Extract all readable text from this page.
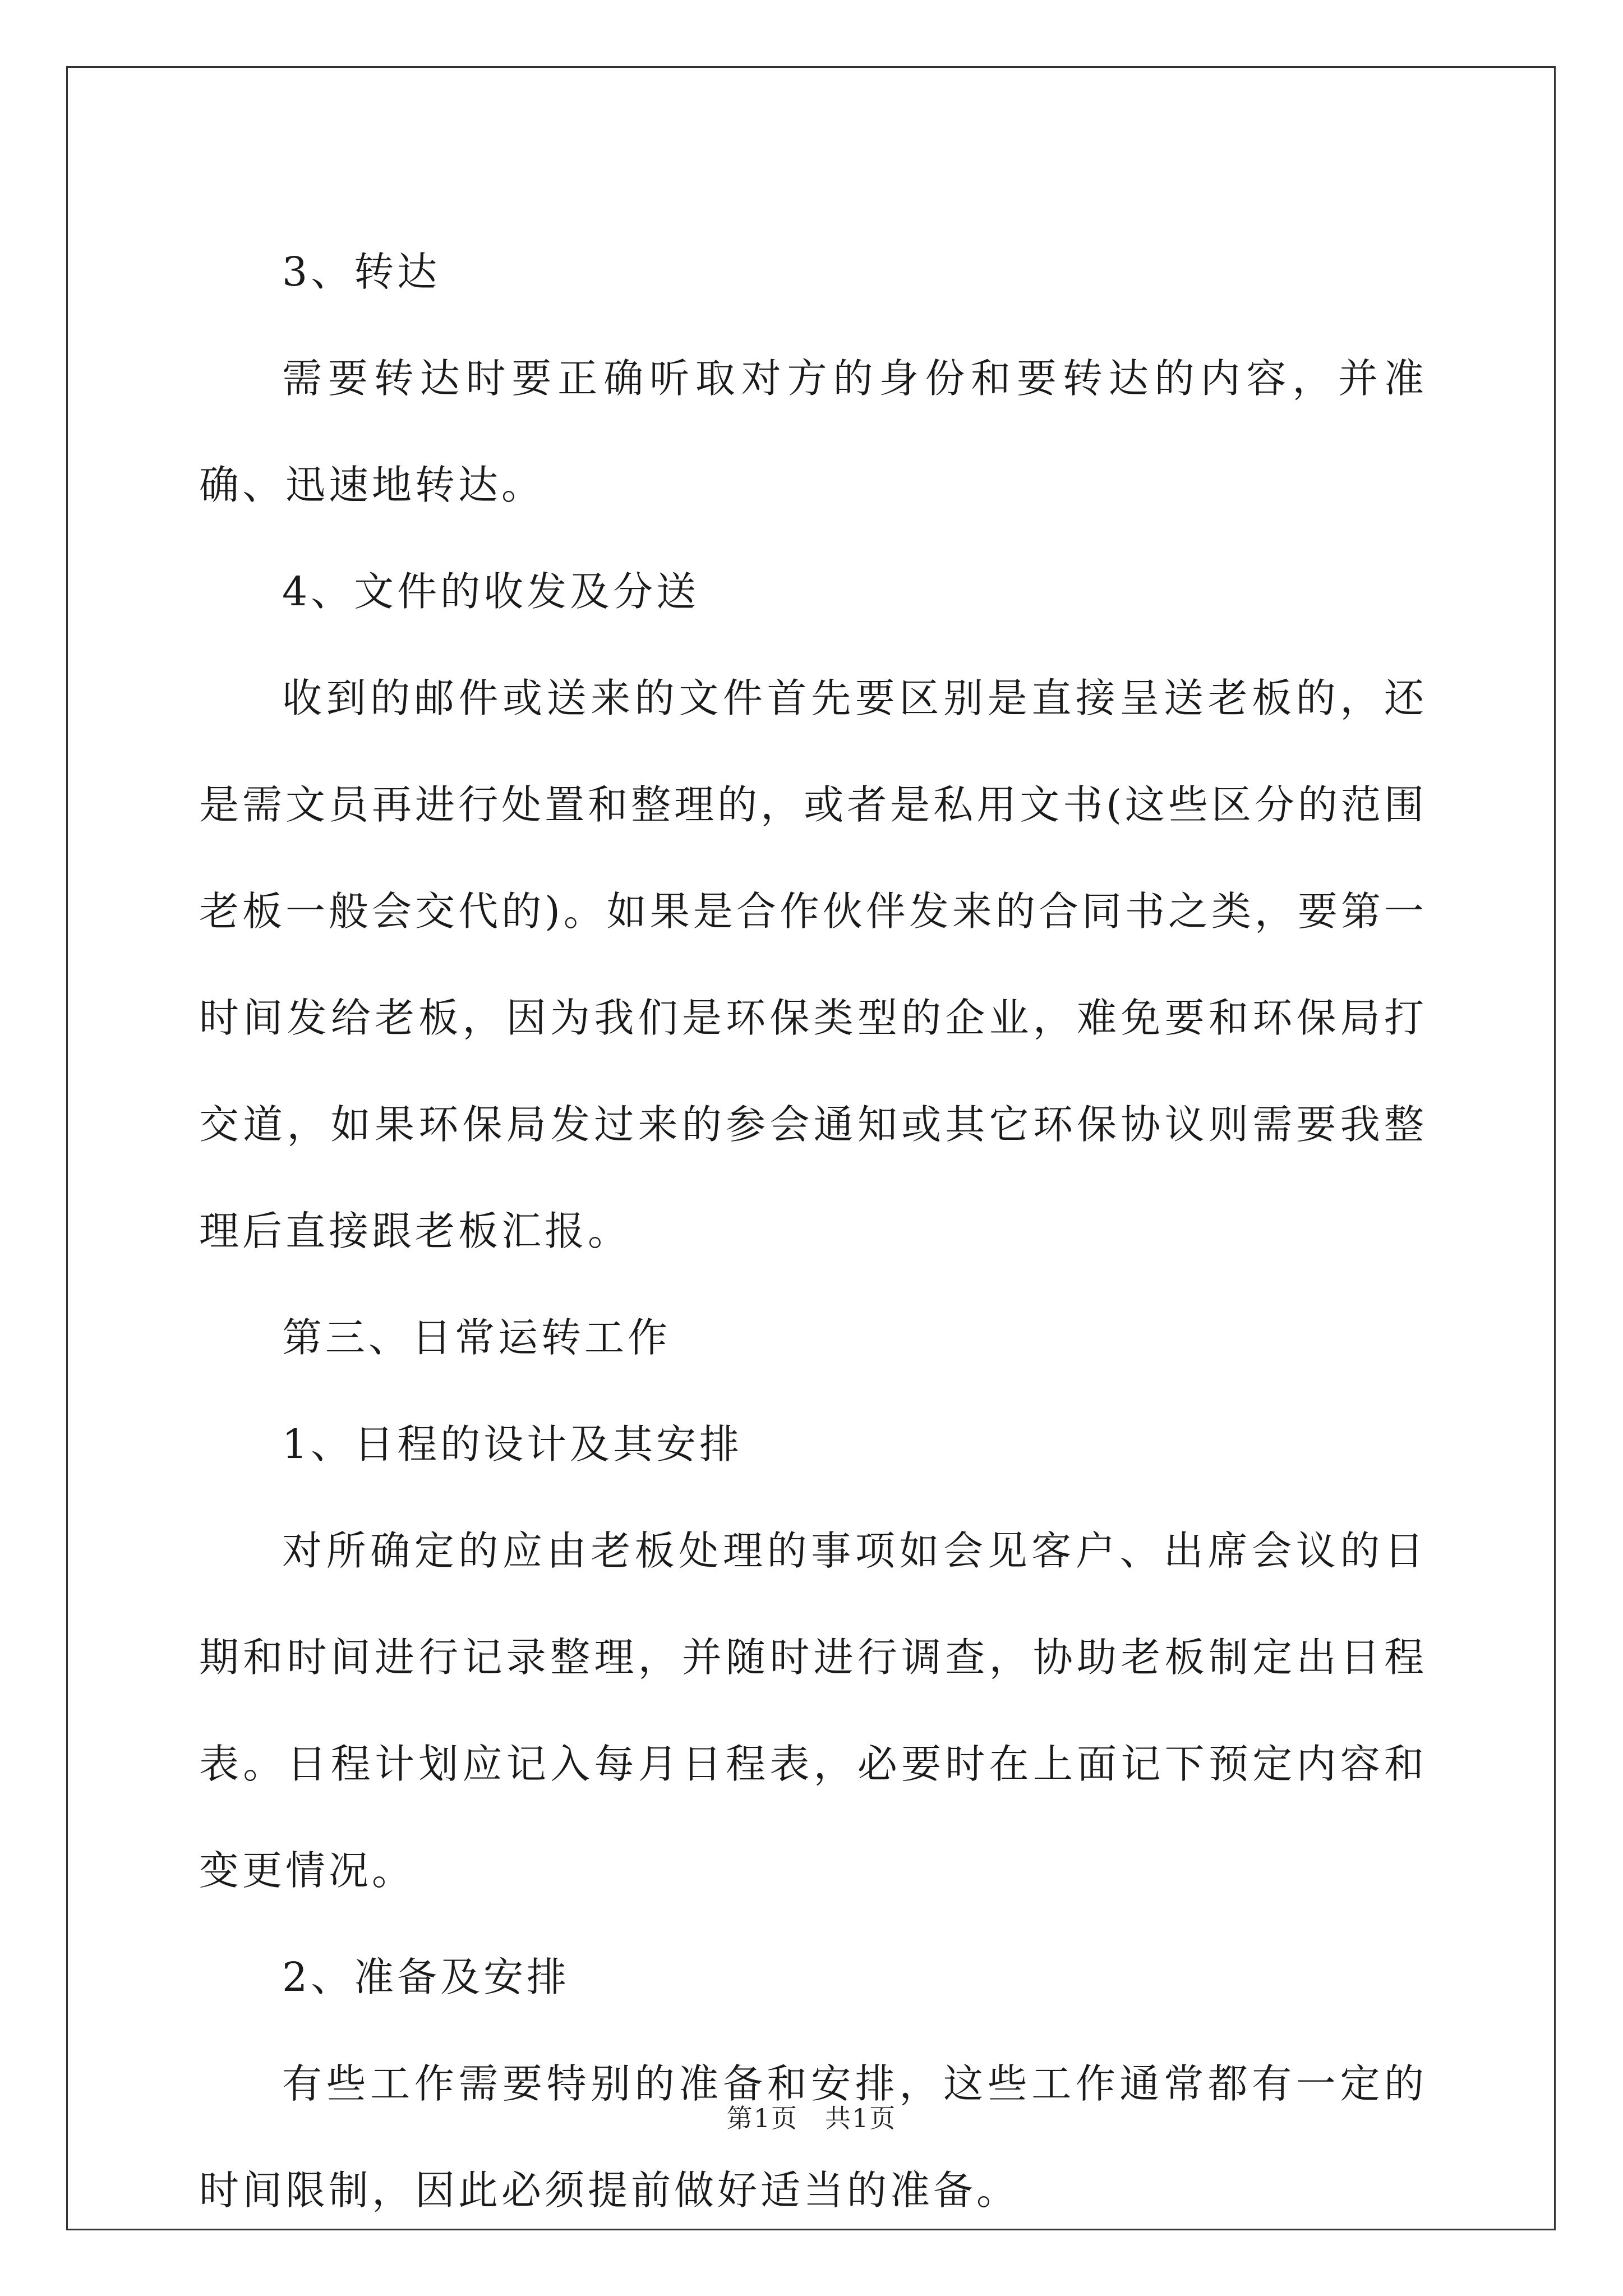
3、转达

需要转达时要正确听取对方的身份和要转达的内容，并准确、迅速地转达。

4、文件的收发及分送

收到的邮件或送来的文件首先要区别是直接呈送老板的，还是需文员再进行处置和整理的，或者是私用文书(这些区分的范围老板一般会交代的)。如果是合作伙伴发来的合同书之类，要第一时间发给老板，因为我们是环保类型的企业，难免要和环保局打交道，如果环保局发过来的参会通知或其它环保协议则需要我整理后直接跟老板汇报。

第三、日常运转工作

1、日程的设计及其安排

对所确定的应由老板处理的事项如会见客户、出席会议的日期和时间进行记录整理，并随时进行调查，协助老板制定出日程表。日程计划应记入每月日程表，必要时在上面记下预定内容和变更情况。

2、准备及安排

有些工作需要特别的准备和安排，这些工作通常都有一定的时间限制，因此必须提前做好适当的准备。

第1页　共1页
